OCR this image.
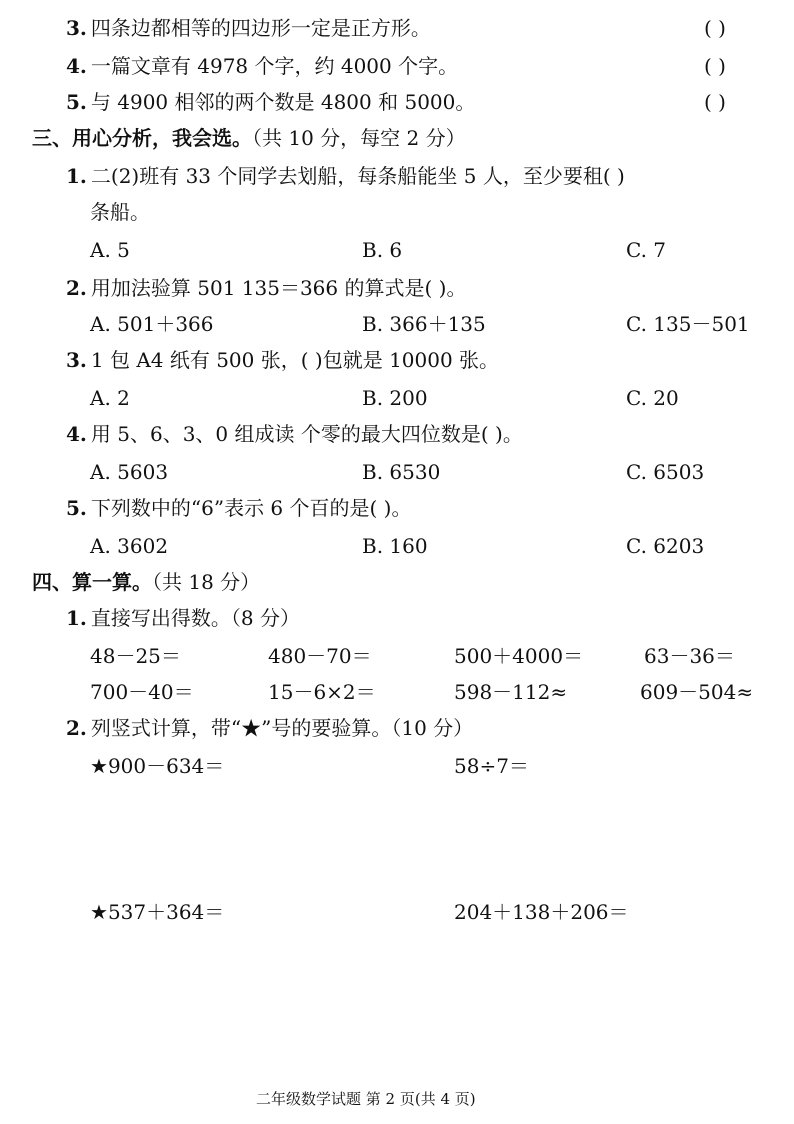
3. 四条边都相等的四边形一定是正方形。	( )
4. 一篇文章有 4978 个字，约 4000 个字。	( )
5. 与 4900 相邻的两个数是 4800 和 5000。	( )
三、用心分析，我会选。（共 10 分，每空 2 分）
1. 二(2)班有 33 个同学去划船，每条船能坐 5 人，至少要租( )
条船。
A. 5	B. 6	C. 7
2. 用加法验算 501 135＝366 的算式是( )。
A. 501＋366	B. 366＋135	C. 135－501
3. 1 包 A4 纸有 500 张，( )包就是 10000 张。
A. 2	B. 200	C. 20
4. 用 5、6、3、0 组成读 个零的最大四位数是( )。
A. 5603	B. 6530	C. 6503
5. 下列数中的“6”表示 6 个百的是( )。
A. 3602	B. 160	C. 6203
四、算一算。（共 18 分）
1. 直接写出得数。（8 分）
48－25＝	480－70＝	500＋4000＝	63－36＝
700－40＝	15－6×2＝	598－112≈	609－504≈
2. 列竖式计算，带“★”号的要验算。（10 分）
★900－634＝	58÷7＝
★537＋364＝	204＋138＋206＝
二年级数学试题 第 2 页(共 4 页)
